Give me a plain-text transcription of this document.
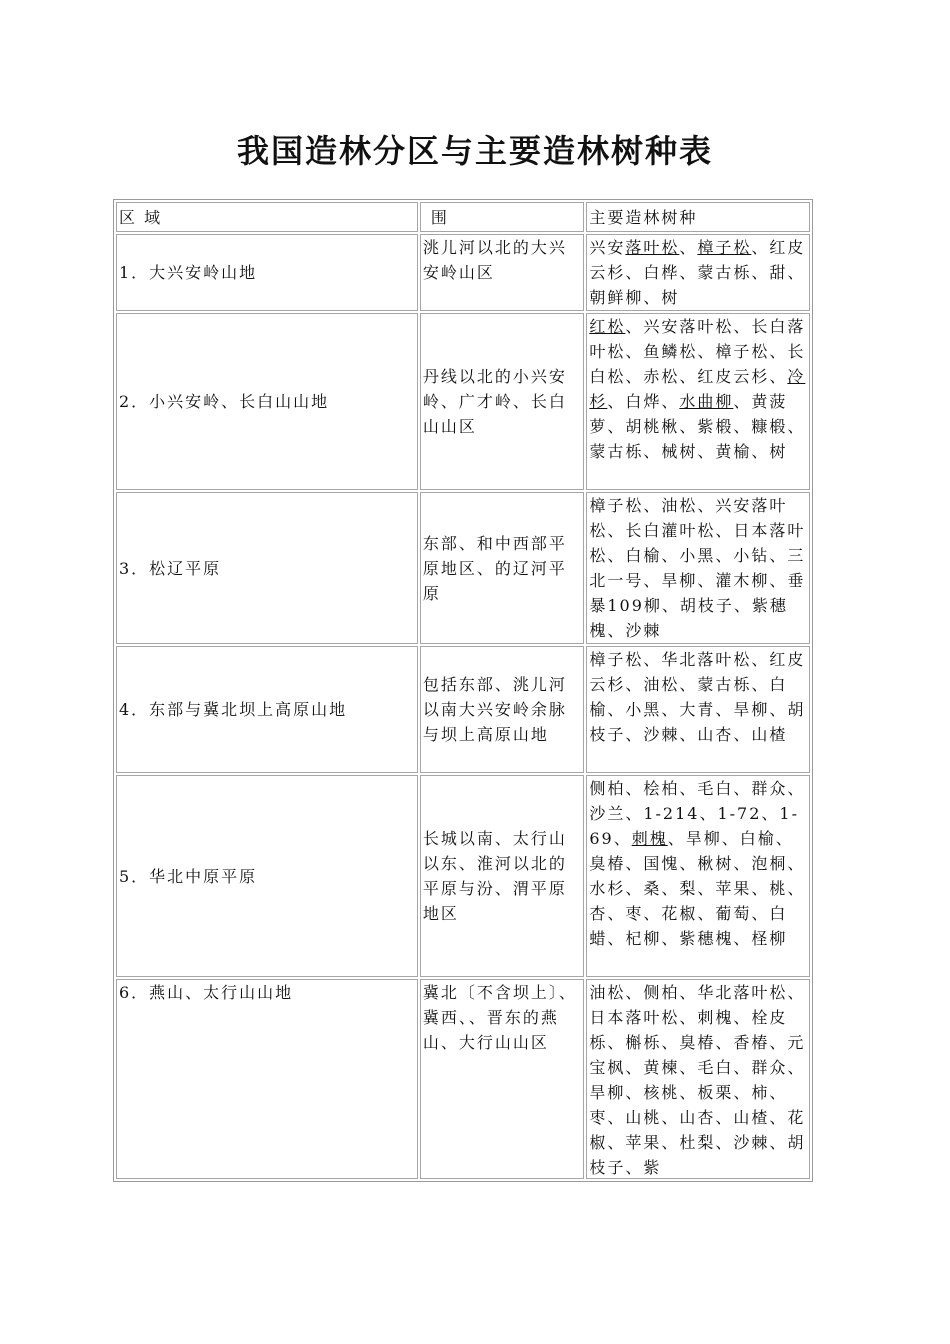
我国造林分区与主要造林树种表
区 域	围	主要造林树种
1．大兴安岭山地	洮儿河以北的大兴安岭山区	兴安落叶松、樟子松、红皮云杉、白桦、蒙古栎、甜、朝鲜柳、树
2．小兴安岭、长白山山地	丹线以北的小兴安岭、广才岭、长白山山区	红松、兴安落叶松、长白落叶松、鱼鳞松、樟子松、长白松、赤松、红皮云杉、冷杉、白烨、水曲柳、黄菠萝、胡桃楸、紫椴、糠椴、蒙古栎、械树、黄榆、树
3．松辽平原	东部、和中西部平原地区、的辽河平原	樟子松、油松、兴安落叶松、长白灌叶松、日本落叶松、白榆、小黑、小钻、三北一号、旱柳、灌木柳、垂暴109柳、胡枝子、紫穗槐、沙棘
4．东部与冀北坝上高原山地	包括东部、洮儿河以南大兴安岭余脉与坝上高原山地	樟子松、华北落叶松、红皮云杉、油松、蒙古栎、白榆、小黑、大青、旱柳、胡枝子、沙棘、山杏、山楂
5．华北中原平原	长城以南、太行山以东、淮河以北的平原与汾、渭平原地区	侧柏、桧柏、毛白、群众、沙兰、1-214、1-72、1-69、刺槐、旱柳、白榆、臭椿、国愧、楸树、泡桐、水杉、桑、梨、苹果、桃、杏、枣、花椒、葡萄、白蜡、杞柳、紫穗槐、柽柳
6．燕山、太行山山地	冀北〔不含坝上〕、冀西、、晋东的燕山、大行山山区	油松、侧柏、华北落叶松、日本落叶松、刺槐、栓皮栎、槲栎、臭椿、香椿、元宝枫、黄楝、毛白、群众、旱柳、核桃、板栗、柿、枣、山桃、山杏、山楂、花椒、苹果、杜梨、沙棘、胡枝子、紫
